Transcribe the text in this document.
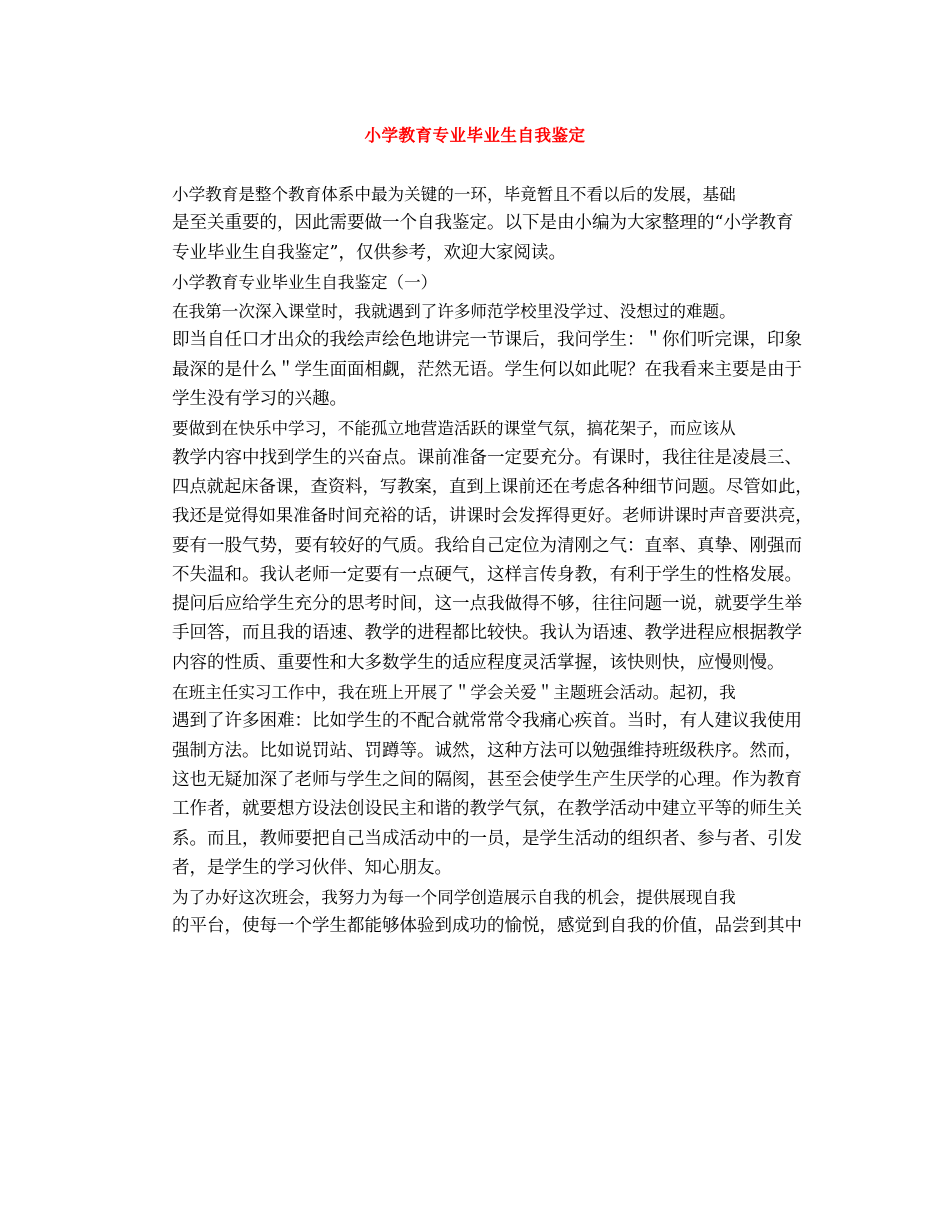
小学教育专业毕业生自我鉴定

小学教育是整个教育体系中最为关键的一环，毕竟暂且不看以后的发展，基础
是至关重要的，因此需要做一个自我鉴定。以下是由小编为大家整理的“小学教育
专业毕业生自我鉴定”，仅供参考，欢迎大家阅读。

小学教育专业毕业生自我鉴定（一）

在我第一次深入课堂时，我就遇到了许多师范学校里没学过、没想过的难题。
即当自任口才出众的我绘声绘色地讲完一节课后，我问学生：＂你们听完课，印象
最深的是什么＂学生面面相觑，茫然无语。学生何以如此呢？在我看来主要是由于
学生没有学习的兴趣。

要做到在快乐中学习，不能孤立地营造活跃的课堂气氛，搞花架子，而应该从
教学内容中找到学生的兴奋点。课前准备一定要充分。有课时，我往往是凌晨三、
四点就起床备课，查资料，写教案，直到上课前还在考虑各种细节问题。尽管如此，
我还是觉得如果准备时间充裕的话，讲课时会发挥得更好。老师讲课时声音要洪亮，
要有一股气势，要有较好的气质。我给自己定位为清刚之气：直率、真挚、刚强而
不失温和。我认老师一定要有一点硬气，这样言传身教，有利于学生的性格发展。
提问后应给学生充分的思考时间，这一点我做得不够，往往问题一说，就要学生举
手回答，而且我的语速、教学的进程都比较快。我认为语速、教学进程应根据教学
内容的性质、重要性和大多数学生的适应程度灵活掌握，该快则快，应慢则慢。

在班主任实习工作中，我在班上开展了＂学会关爱＂主题班会活动。起初，我
遇到了许多困难：比如学生的不配合就常常令我痛心疾首。当时，有人建议我使用
强制方法。比如说罚站、罚蹲等。诚然，这种方法可以勉强维持班级秩序。然而，
这也无疑加深了老师与学生之间的隔阂，甚至会使学生产生厌学的心理。作为教育
工作者，就要想方设法创设民主和谐的教学气氛，在教学活动中建立平等的师生关
系。而且，教师要把自己当成活动中的一员，是学生活动的组织者、参与者、引发
者，是学生的学习伙伴、知心朋友。

为了办好这次班会，我努力为每一个同学创造展示自我的机会，提供展现自我
的平台，使每一个学生都能够体验到成功的愉悦，感觉到自我的价值，品尝到其中
